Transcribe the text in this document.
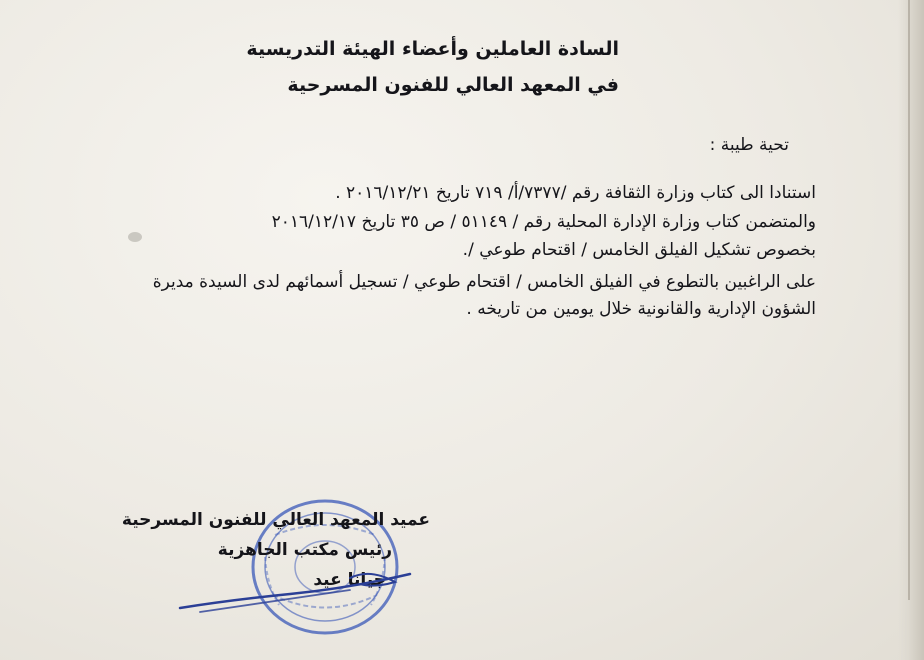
السادة العاملين وأعضاء الهيئة التدريسية
في المعهد العالي للفنون المسرحية
تحية طيبة :
استنادا الى كتاب وزارة الثقافة رقم /٧٣٧٧/أ/ ٧١٩ تاريخ ٢٠١٦/١٢/٢١ .
والمتضمن كتاب وزارة الإدارة المحلية رقم / ٥١١٤٩ / ص ٣٥ تاريخ ٢٠١٦/١٢/١٧
بخصوص تشكيل الفيلق الخامس / اقتحام طوعي /.
على الراغبين بالتطوع في الفيلق الخامس / اقتحام طوعي / تسجيل أسمائهم لدى السيدة مديرة
الشؤون الإدارية والقانونية خلال يومين من تاريخه .
عميد المعهد العالي للفنون المسرحية
رئيس مكتب الجاهزية
جيانا عيد
